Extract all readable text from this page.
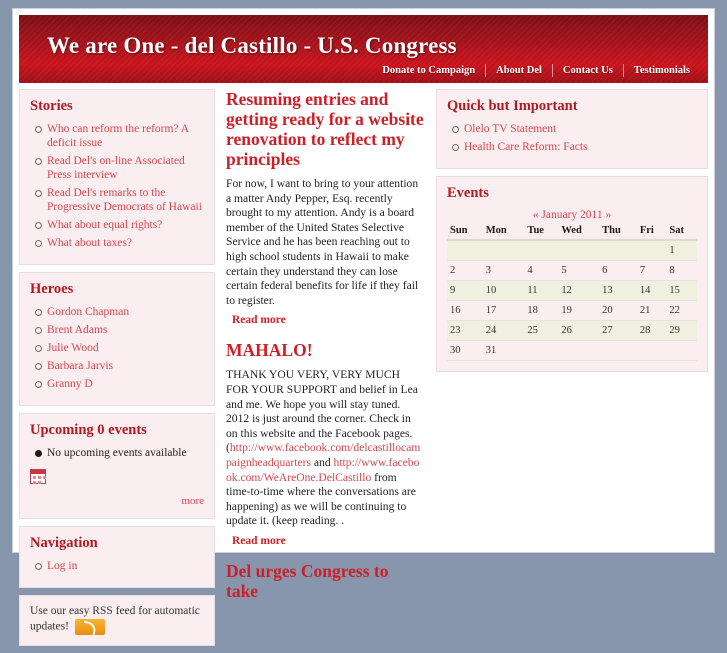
We are One - del Castillo - U.S. Congress
Donate to Campaign	About Del	Contact Us	Testimonials
Stories
Who can reform the reform? A deficit issue
Read Del's on-line Associated Press interview
Read Del's remarks to the Progressive Democrats of Hawaii
What about equal rights?
What about taxes?
Heroes
Gordon Chapman
Brent Adams
Julie Wood
Barbara Jarvis
Granny D
Upcoming 0 events
No upcoming events available
more
Navigation
Log in
Use our easy RSS feed for automatic updates!
Resuming entries and getting ready for a website renovation to reflect my principles

For now, I want to bring to your attention a matter Andy Pepper, Esq. recently brought to my attention. Andy is a board member of the United States Selective Service and he has been reaching out to high school students in Hawaii to make certain they understand they can lose certain federal benefits for life if they fail to register.

Read more
MAHALO!

THANK YOU VERY, VERY MUCH FOR YOUR SUPPORT and belief in Lea and me. We hope you will stay tuned. 2012 is just around the corner. Check in on this website and the Facebook pages. (http://www.facebook.com/delcastillocampaignheadquarters and http://www.facebook.com/WeAreOne.DelCastillo from time-to-time where the conversations are happening) as we will be continuing to update it. (keep reading. .

Read more
Del urges Congress to take
Quick but Important
Olelo TV Statement
Health Care Reform: Facts
Events
« January 2011 »
Sun	Mon	Tue	Wed	Thu	Fri	Sat
						1
2	3	4	5	6	7	8
9	10	11	12	13	14	15
16	17	18	19	20	21	22
23	24	25	26	27	28	29
30	31					
